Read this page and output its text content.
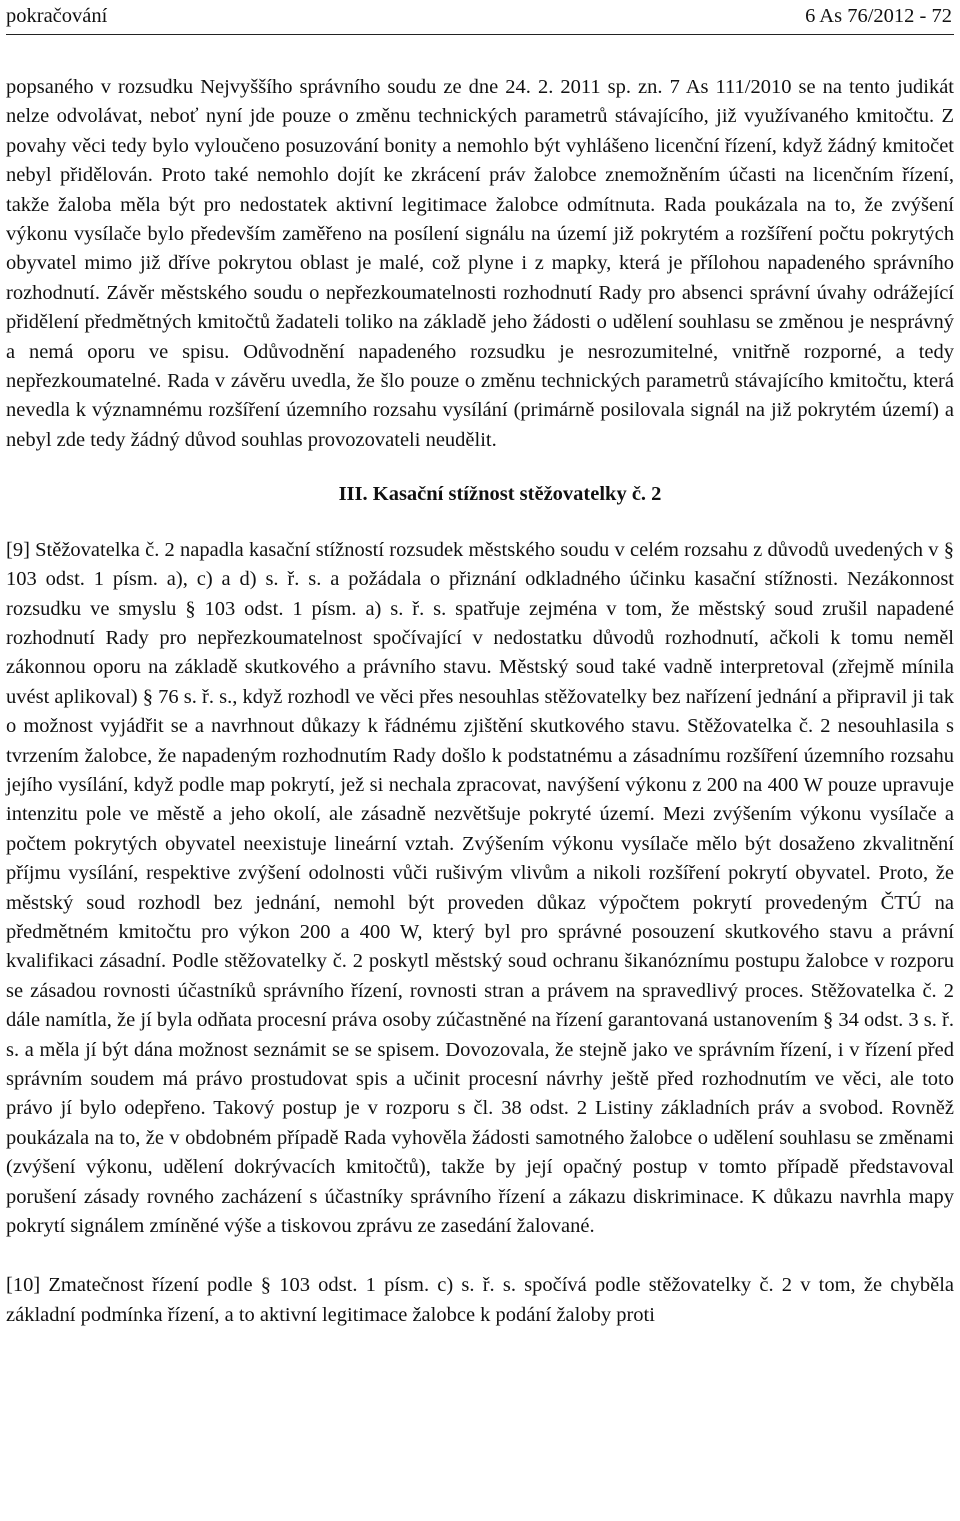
pokračování	6 As 76/2012 - 72

popsaného v rozsudku Nejvyššího správního soudu ze dne 24. 2. 2011 sp. zn. 7 As 111/2010 se na tento judikát nelze odvolávat, neboť nyní jde pouze o změnu technických parametrů stávajícího, již využívaného kmitočtu. Z povahy věci tedy bylo vyloučeno posuzování bonity a nemohlo být vyhlášeno licenční řízení, když žádný kmitočet nebyl přidělován. Proto také nemohlo dojít ke zkrácení práv žalobce znemožněním účasti na licenčním řízení, takže žaloba měla být pro nedostatek aktivní legitimace žalobce odmítnuta. Rada poukázala na to, že zvýšení výkonu vysílače bylo především zaměřeno na posílení signálu na území již pokrytém a rozšíření počtu pokrytých obyvatel mimo již dříve pokrytou oblast je malé, což plyne i z mapky, která je přílohou napadeného správního rozhodnutí. Závěr městského soudu o nepřezkoumatelnosti rozhodnutí Rady pro absenci správní úvahy odrážející přidělení předmětných kmitočtů žadateli toliko na základě jeho žádosti o udělení souhlasu se změnou je nesprávný a nemá oporu ve spisu. Odůvodnění napadeného rozsudku je nesrozumitelné, vnitřně rozporné, a tedy nepřezkoumatelné. Rada v závěru uvedla, že šlo pouze o změnu technických parametrů stávajícího kmitočtu, která nevedla k významnému rozšíření územního rozsahu vysílání (primárně posilovala signál na již pokrytém území) a nebyl zde tedy žádný důvod souhlas provozovateli neudělit.

III. Kasační stížnost stěžovatelky č. 2

[9] Stěžovatelka č. 2 napadla kasační stížností rozsudek městského soudu v celém rozsahu z důvodů uvedených v § 103 odst. 1 písm. a), c) a d) s. ř. s. a požádala o přiznání odkladného účinku kasační stížnosti. Nezákonnost rozsudku ve smyslu § 103 odst. 1 písm. a) s. ř. s. spatřuje zejména v tom, že městský soud zrušil napadené rozhodnutí Rady pro nepřezkoumatelnost spočívající v nedostatku důvodů rozhodnutí, ačkoli k tomu neměl zákonnou oporu na základě skutkového a právního stavu. Městský soud také vadně interpretoval (zřejmě mínila uvést aplikoval) § 76 s. ř. s., když rozhodl ve věci přes nesouhlas stěžovatelky bez nařízení jednání a připravil ji tak o možnost vyjádřit se a navrhnout důkazy k řádnému zjištění skutkového stavu. Stěžovatelka č. 2 nesouhlasila s tvrzením žalobce, že napadeným rozhodnutím Rady došlo k podstatnému a zásadnímu rozšíření územního rozsahu jejího vysílání, když podle map pokrytí, jež si nechala zpracovat, navýšení výkonu z 200 na 400 W pouze upravuje intenzitu pole ve městě a jeho okolí, ale zásadně nezvětšuje pokryté území. Mezi zvýšením výkonu vysílače a počtem pokrytých obyvatel neexistuje lineární vztah. Zvýšením výkonu vysílače mělo být dosaženo zkvalitnění příjmu vysílání, respektive zvýšení odolnosti vůči rušivým vlivům a nikoli rozšíření pokrytí obyvatel. Proto, že městský soud rozhodl bez jednání, nemohl být proveden důkaz výpočtem pokrytí provedeným ČTÚ na předmětném kmitočtu pro výkon 200 a 400 W, který byl pro správné posouzení skutkového stavu a právní kvalifikaci zásadní. Podle stěžovatelky č. 2 poskytl městský soud ochranu šikanóznímu postupu žalobce v rozporu se zásadou rovnosti účastníků správního řízení, rovnosti stran a právem na spravedlivý proces. Stěžovatelka č. 2 dále namítla, že jí byla odňata procesní práva osoby zúčastněné na řízení garantovaná ustanovením § 34 odst. 3 s. ř. s. a měla jí být dána možnost seznámit se se spisem. Dovozovala, že stejně jako ve správním řízení, i v řízení před správním soudem má právo prostudovat spis a učinit procesní návrhy ještě před rozhodnutím ve věci, ale toto právo jí bylo odepřeno. Takový postup je v rozporu s čl. 38 odst. 2 Listiny základních práv a svobod. Rovněž poukázala na to, že v obdobném případě Rada vyhověla žádosti samotného žalobce o udělení souhlasu se změnami (zvýšení výkonu, udělení dokrývacích kmitočtů), takže by její opačný postup v tomto případě představoval porušení zásady rovného zacházení s účastníky správního řízení a zákazu diskriminace. K důkazu navrhla mapy pokrytí signálem zmíněné výše a tiskovou zprávu ze zasedání žalované.

[10] Zmatečnost řízení podle § 103 odst. 1 písm. c) s. ř. s. spočívá podle stěžovatelky č. 2 v tom, že chyběla základní podmínka řízení, a to aktivní legitimace žalobce k podání žaloby proti
